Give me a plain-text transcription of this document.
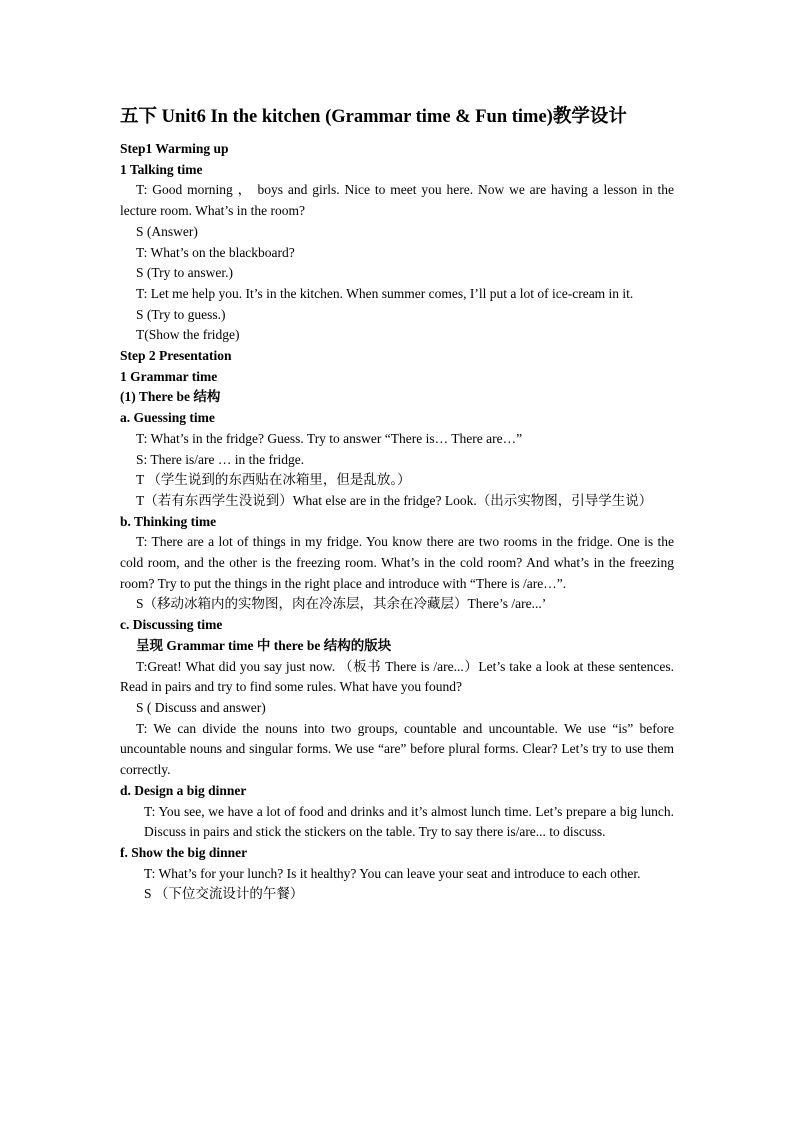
五下 Unit6 In the kitchen (Grammar time & Fun time)教学设计
Step1 Warming up
1 Talking time
T: Good morning ， boys and girls. Nice to meet you here. Now we are having a lesson in the lecture room. What’s in the room?
S (Answer)
T: What’s on the blackboard?
S (Try to answer.)
T: Let me help you. It’s in the kitchen. When summer comes, I’ll put a lot of ice-cream in it.
S (Try to guess.)
T(Show the fridge)
Step 2 Presentation
1 Grammar time
(1) There be 结构
a. Guessing time
T: What’s in the fridge? Guess. Try to answer “There is… There are…”
S: There is/are … in the fridge.
T （学生说到的东西贴在冰箱里，但是乱放。）
T（若有东西学生没说到）What else are in the fridge? Look.（出示实物图，引导学生说）
b. Thinking time
T: There are a lot of things in my fridge. You know there are two rooms in the fridge. One is the cold room, and the other is the freezing room. What’s in the cold room? And what’s in the freezing room? Try to put the things in the right place and introduce with “There is /are…”.
S（移动冰箱内的实物图，肉在冷冻层，其余在冷藏层）There’s /are...’
c. Discussing time
呈现 Grammar time 中 there be 结构的版块
T:Great! What did you say just now. （板书 There is /are...）Let’s take a look at these sentences. Read in pairs and try to find some rules. What have you found?
S ( Discuss and answer)
T: We can divide the nouns into two groups, countable and uncountable. We use “is” before uncountable nouns and singular forms. We use “are” before plural forms. Clear? Let’s try to use them correctly.
d. Design a big dinner
T: You see, we have a lot of food and drinks and it’s almost lunch time. Let’s prepare a big lunch. Discuss in pairs and stick the stickers on the table. Try to say there is/are... to discuss.
f. Show the big dinner
T: What’s for your lunch? Is it healthy? You can leave your seat and introduce to each other.
S （下位交流设计的午餐）
